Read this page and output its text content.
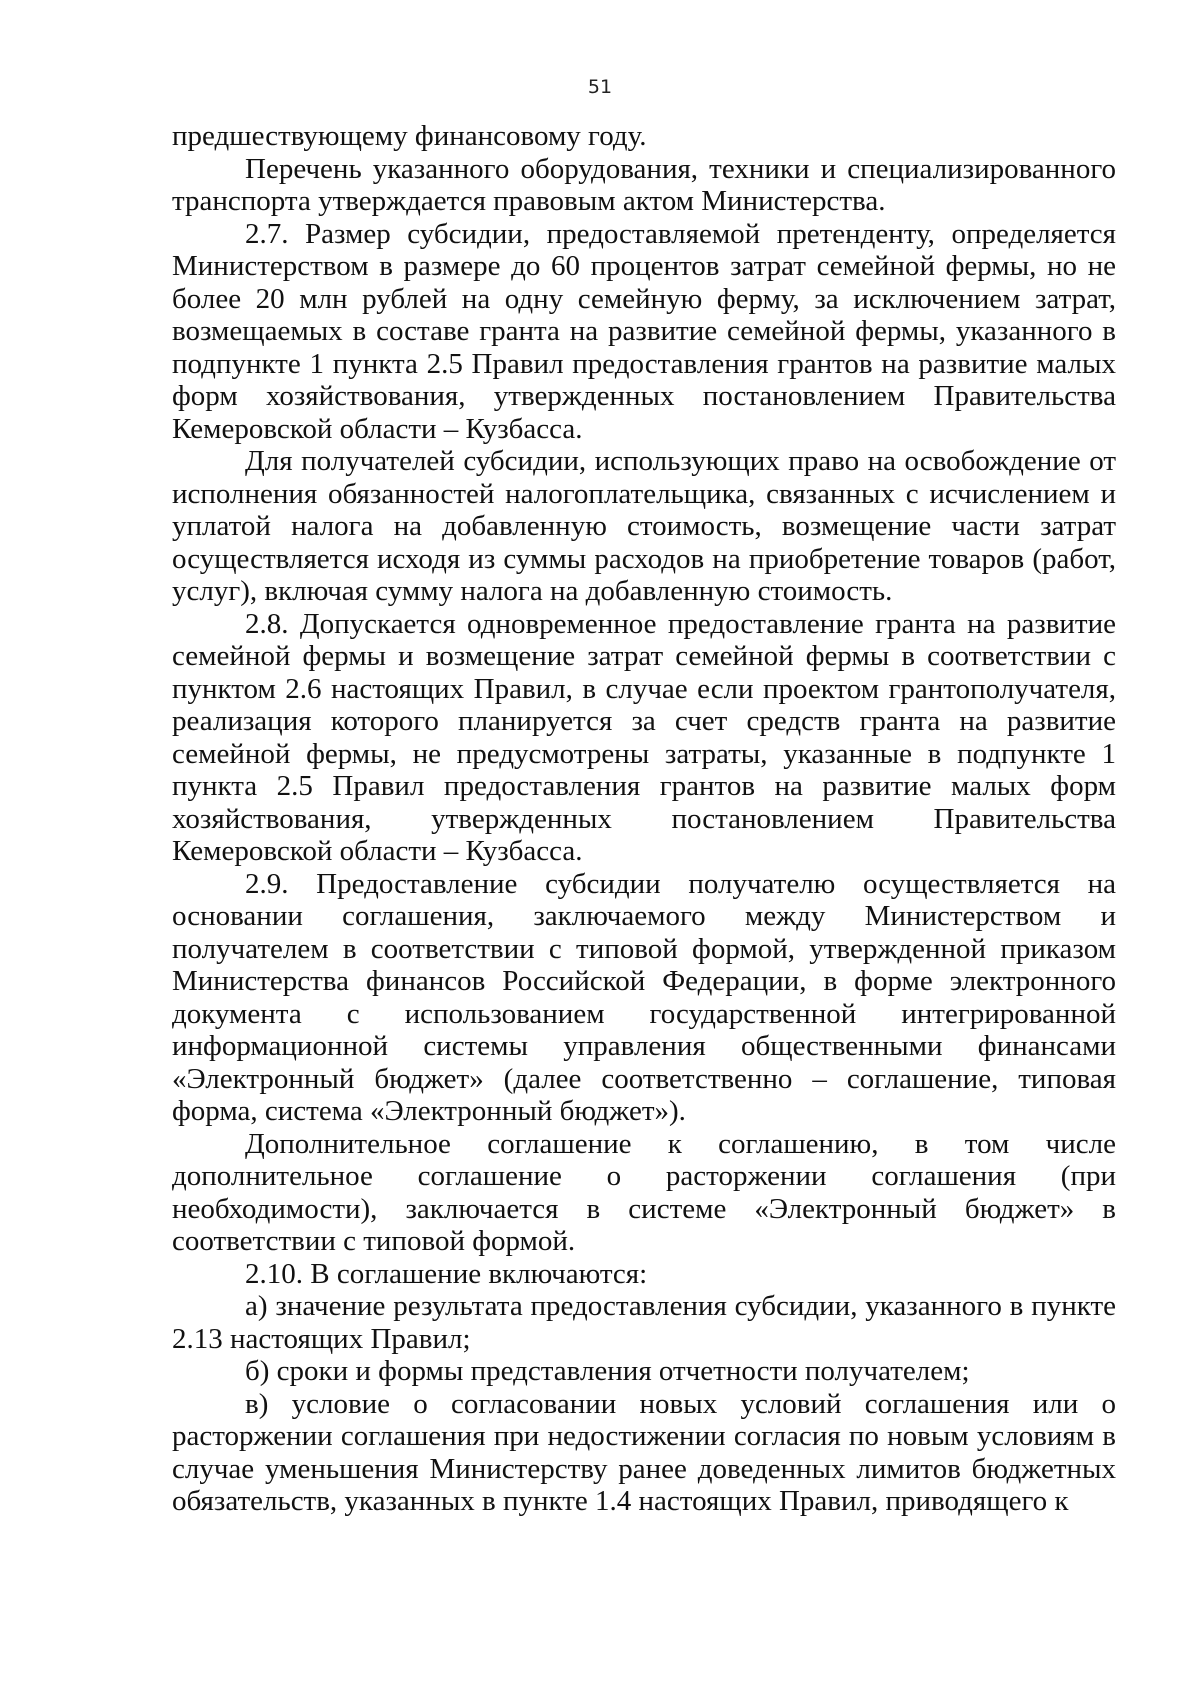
51

предшествующему финансовому году.

Перечень указанного оборудования, техники и специализированного транспорта утверждается правовым актом Министерства.

2.7. Размер субсидии, предоставляемой претенденту, определяется Министерством в размере до 60 процентов затрат семейной фермы, но не более 20 млн рублей на одну семейную ферму, за исключением затрат, возмещаемых в составе гранта на развитие семейной фермы, указанного в подпункте 1 пункта 2.5 Правил предоставления грантов на развитие малых форм хозяйствования, утвержденных постановлением Правительства Кемеровской области – Кузбасса.

Для получателей субсидии, использующих право на освобождение от исполнения обязанностей налогоплательщика, связанных с исчислением и уплатой налога на добавленную стоимость, возмещение части затрат осуществляется исходя из суммы расходов на приобретение товаров (работ, услуг), включая сумму налога на добавленную стоимость.

2.8. Допускается одновременное предоставление гранта на развитие семейной фермы и возмещение затрат семейной фермы в соответствии с пунктом 2.6 настоящих Правил, в случае если проектом грантополучателя, реализация которого планируется за счет средств гранта на развитие семейной фермы, не предусмотрены затраты, указанные в подпункте 1 пункта 2.5 Правил предоставления грантов на развитие малых форм хозяйствования, утвержденных постановлением Правительства Кемеровской области – Кузбасса.

2.9. Предоставление субсидии получателю осуществляется на основании соглашения, заключаемого между Министерством и получателем в соответствии с типовой формой, утвержденной приказом Министерства финансов Российской Федерации, в форме электронного документа с использованием государственной интегрированной информационной системы управления общественными финансами «Электронный бюджет» (далее соответственно – соглашение, типовая форма, система «Электронный бюджет»).

Дополнительное соглашение к соглашению, в том числе дополнительное соглашение о расторжении соглашения (при необходимости), заключается в системе «Электронный бюджет» в соответствии с типовой формой.

2.10. В соглашение включаются:

а) значение результата предоставления субсидии, указанного в пункте 2.13 настоящих Правил;

б) сроки и формы представления отчетности получателем;

в) условие о согласовании новых условий соглашения или о расторжении соглашения при недостижении согласия по новым условиям в случае уменьшения Министерству ранее доведенных лимитов бюджетных обязательств, указанных в пункте 1.4 настоящих Правил, приводящего к
